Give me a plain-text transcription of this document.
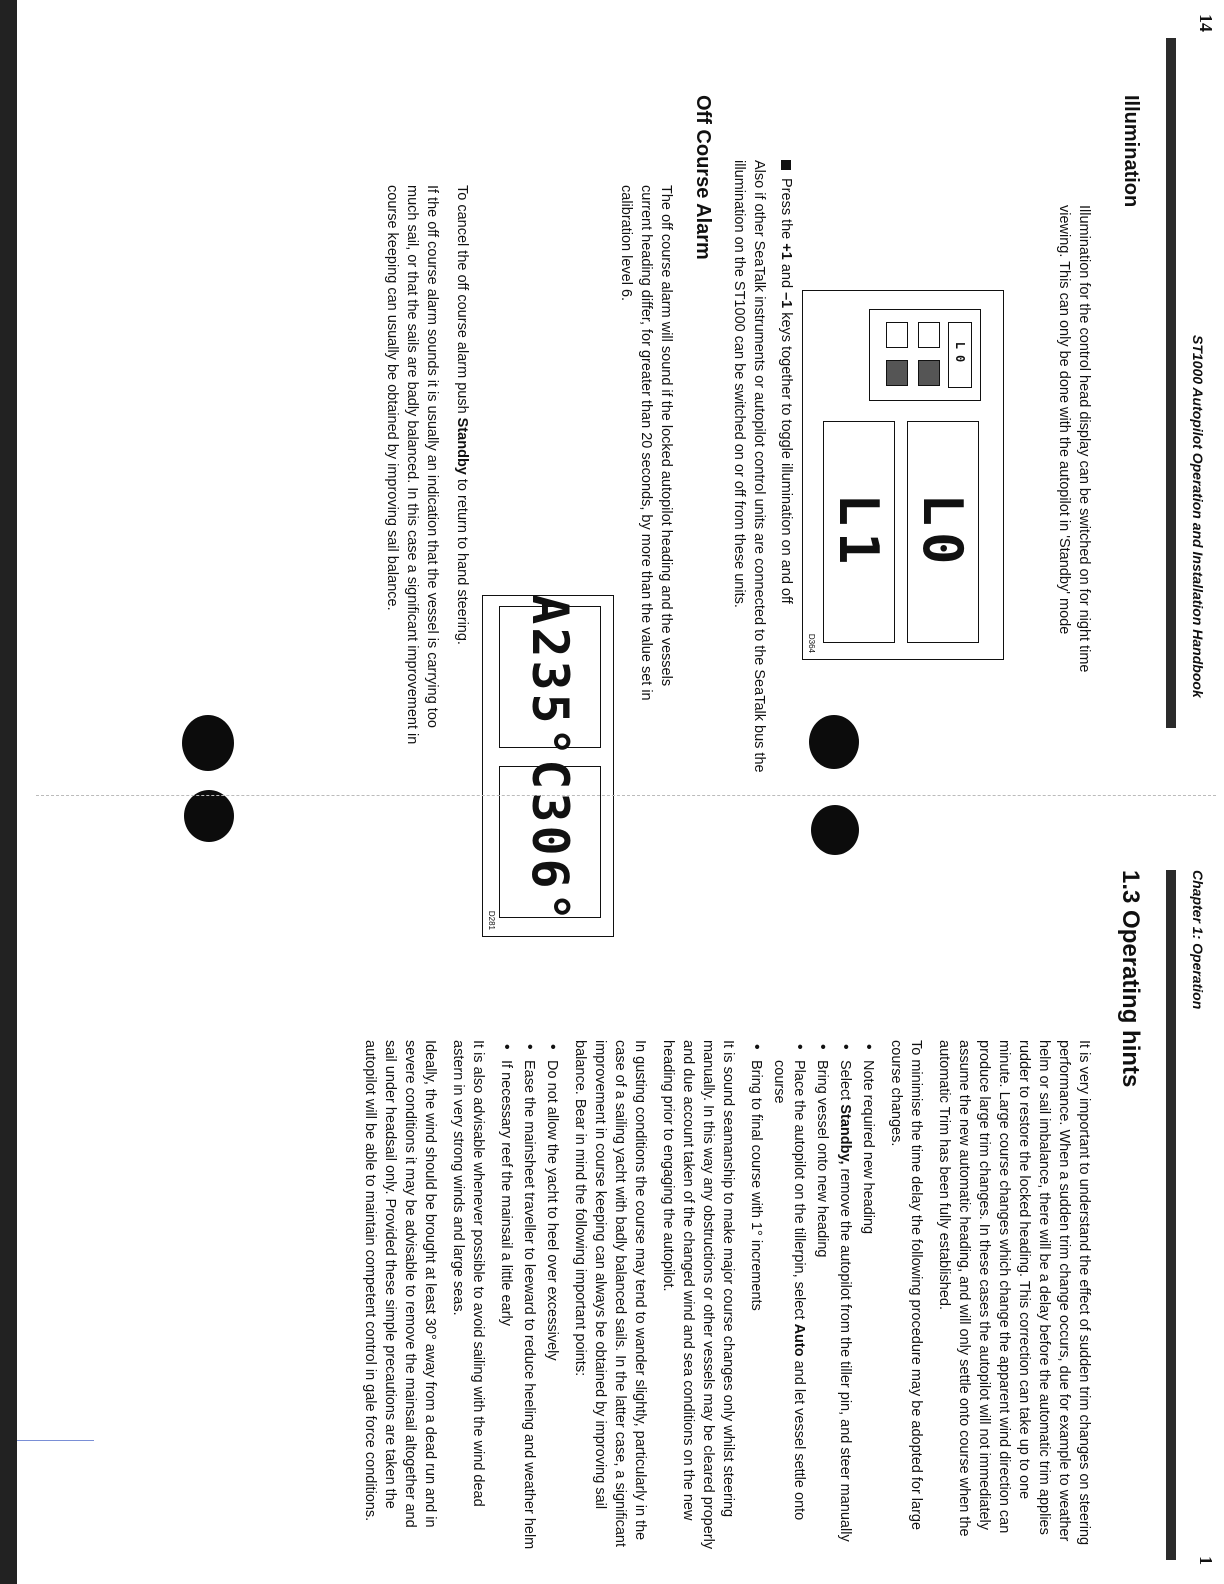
14
ST1000 Autopilot Operation and Installation Handbook
Illumination
Illumination for the control head display can be switched on for night time viewing. This can only be done with the autopilot in 'Standby' mode
L0
L0
L1
D364
Press the +1 and –1 keys together to toggle illumination on and off
Also if other SeaTalk instruments or autopilot control units are connected to the SeaTalk bus the illumination on the ST1000 can be switched on or off from these units.
Off Course Alarm
The off course alarm will sound if the locked autopilot heading and the vessels current heading differ, for greater than 20 seconds, by more than the value set in calibration level 6.
A235°
C306°
D281
To cancel the off course alarm push Standby to return to hand steering.
If the off course alarm sounds it is usually an indication that the vessel is carrying too much sail, or that the sails are badly balanced. In this case a significant improvement in course keeping can usually be obtained by improving sail balance.
Chapter 1: Operation
1
1.3 Operating hints

It is very important to understand the effect of sudden trim changes on steering performance. When a sudden trim change occurs, due for example to weather helm or sail imbalance, there will be a delay before the automatic trim applies rudder to restore the locked heading. This correction can take up to one minute. Large course changes which change the apparent wind direction can produce large trim changes. In these cases the autopilot will not immediately assume the new automatic heading, and will only settle onto course when the automatic Trim has been fully established.

To minimise the time delay the following procedure may be adopted for large course changes.

• Note required new heading
• Select Standby, remove the autopilot from the tiller pin, and steer manually
• Bring vessel onto new heading
• Place the autopilot on the tillerpin, select Auto and let vessel settle onto course
• Bring to final course with 1° increments

It is sound seamanship to make major course changes only whilst steering manually. In this way any obstructions or other vessels may be cleared properly and due account taken of the changed wind and sea conditions on the new heading prior to engaging the autopilot.

In gusting conditions the course may tend to wander slightly, particularly in the case of a sailing yacht with badly balanced sails. In the latter case, a significant improvement in course keeping can always be obtained by improving sail balance. Bear in mind the following important points:

• Do not allow the yacht to heel over excessively
• Ease the mainsheet traveller to leeward to reduce heeling and weather helm
• If necessary reef the mainsail a little early

It is also advisable whenever possible to avoid sailing with the wind dead astern in very strong winds and large seas.

Ideally, the wind should be brought at least 30° away from a dead run and in severe conditions it may be advisable to remove the mainsail altogether and sail under headsail only. Provided these simple precautions are taken the autopilot will be able to maintain competent control in gale force conditions.
